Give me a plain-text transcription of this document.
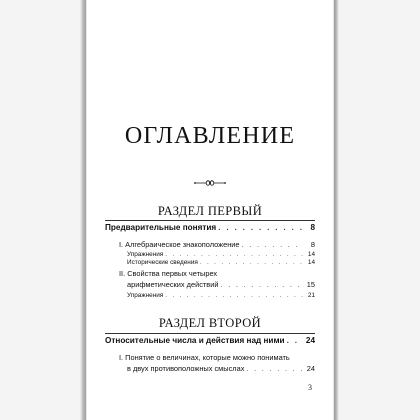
ОГЛАВЛЕНИЕ
РАЗДЕЛ ПЕРВЫЙ
Предварительные понятия . . .	8
I. Алгебраическое знакоположение . . .	8
Упражнения . . .	14
Исторические сведения . . .	14
II. Свойства первых четырех
арифметических действий . . .	15
Упражнения . . .	21
РАЗДЕЛ ВТОРОЙ
Относительные числа и действия над ними . . .	24
I. Понятие о величинах, которые можно понимать
в двух противоположных смыслах . . .	24
3
